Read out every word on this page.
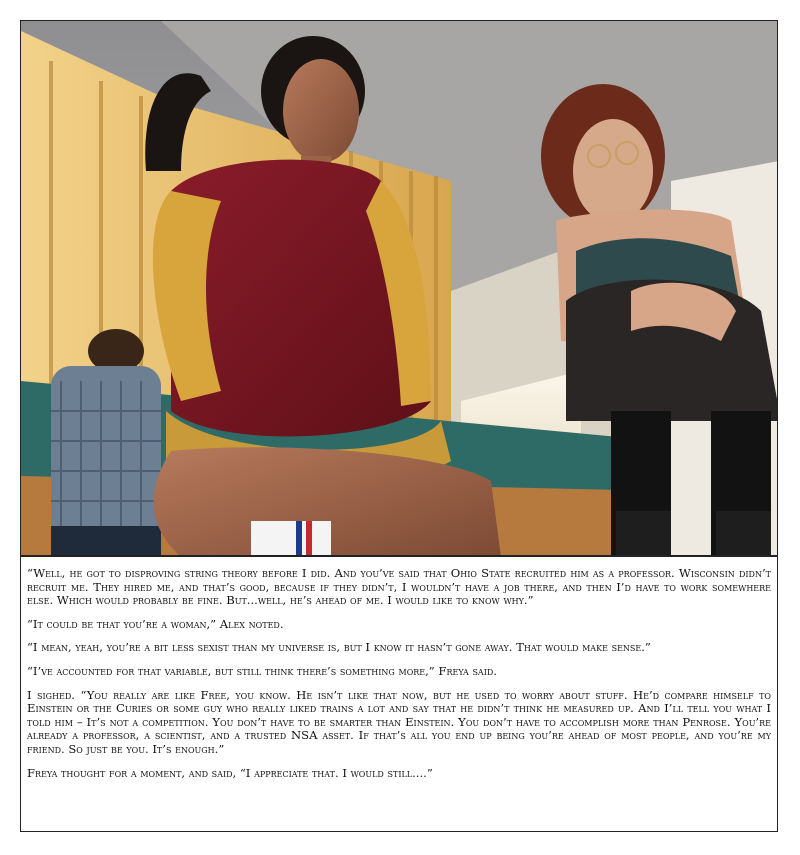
“Well, he got to disproving string theory before I did. And you’ve said that Ohio State recruited him as a professor. Wisconsin didn’t recruit me. They hired me, and that’s good, because if they didn’t, I wouldn’t have a job there, and then I’d have to work somewhere else. Which would probably be fine. But...well, he’s ahead of me. I would like to know why.”

“It could be that you’re a woman,” Alex noted.

“I mean, yeah, you’re a bit less sexist than my universe is, but I know it hasn’t gone away. That would make sense.”

“I’ve accounted for that variable, but still think there’s something more,” Freya said.

I sighed. “You really are like Free, you know. He isn’t like that now, but he used to worry about stuff. He’d compare himself to Einstein or the Curies or some guy who really liked trains a lot and say that he didn’t think he measured up. And I’ll tell you what I told him – It’s not a competition. You don’t have to be smarter than Einstein. You don’t have to accomplish more than Penrose. You’re already a professor, a scientist, and a trusted NSA asset. If that’s all you end up being you’re ahead of most people, and you’re my friend. So just be you. It’s enough.”

Freya thought for a moment, and said, “I appreciate that. I would still....”
